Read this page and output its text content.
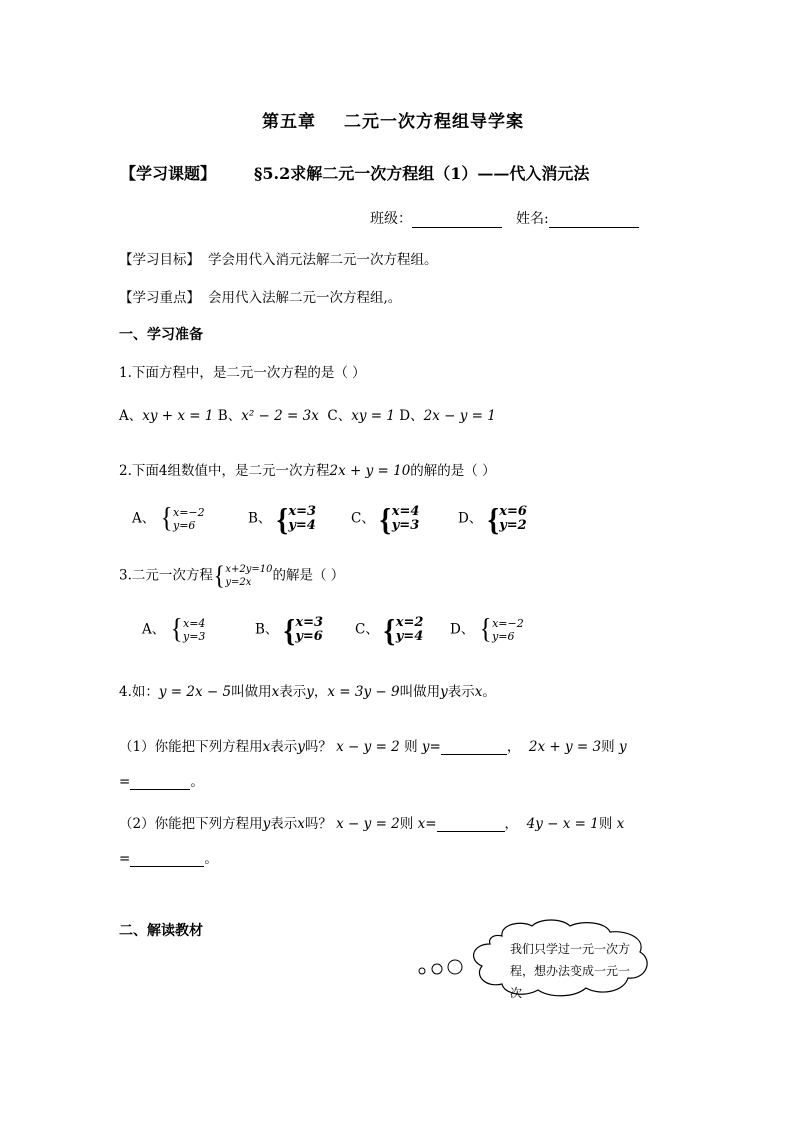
第五章 二元一次方程组导学案
【学习课题】 §5.2求解二元一次方程组（1）——代入消元法
班级：	姓名:
【学习目标】 学会用代入消元法解二元一次方程组。
【学习重点】 会用代入法解二元一次方程组,。
一、学习准备
1.下面方程中，是二元一次方程的是（ ）
A、xy + x = 1 B、x² − 2 = 3x C、xy = 1 D、2x − y = 1
2.下面4组数值中，是二元一次方程2x + y = 10的解的是（ ）
A、 {x=−2
y=6	B、 {x=3
y=4	C、 {x=4
y=3	D、 {x=6
y=2
3.二元一次方程{x+2y=10
y=2x 的解是（ ）
A、 {x=4
y=3	B、 {x=3
y=6 C、 {x=2
y=4 D、 {x=−2
y=6
4.如：y = 2x − 5叫做用x表示y，x = 3y − 9叫做用y表示x。
（1）你能把下列方程用x表示y吗？ x − y = 2 则 y=	， 2x + y = 3则 y
=	。
（2）你能把下列方程用y表示x吗？ x − y = 2则 x=	， 4y − x = 1则 x
=	。
二、解读教材
我们只学过一元一次方
程，想办法变成一元一次
